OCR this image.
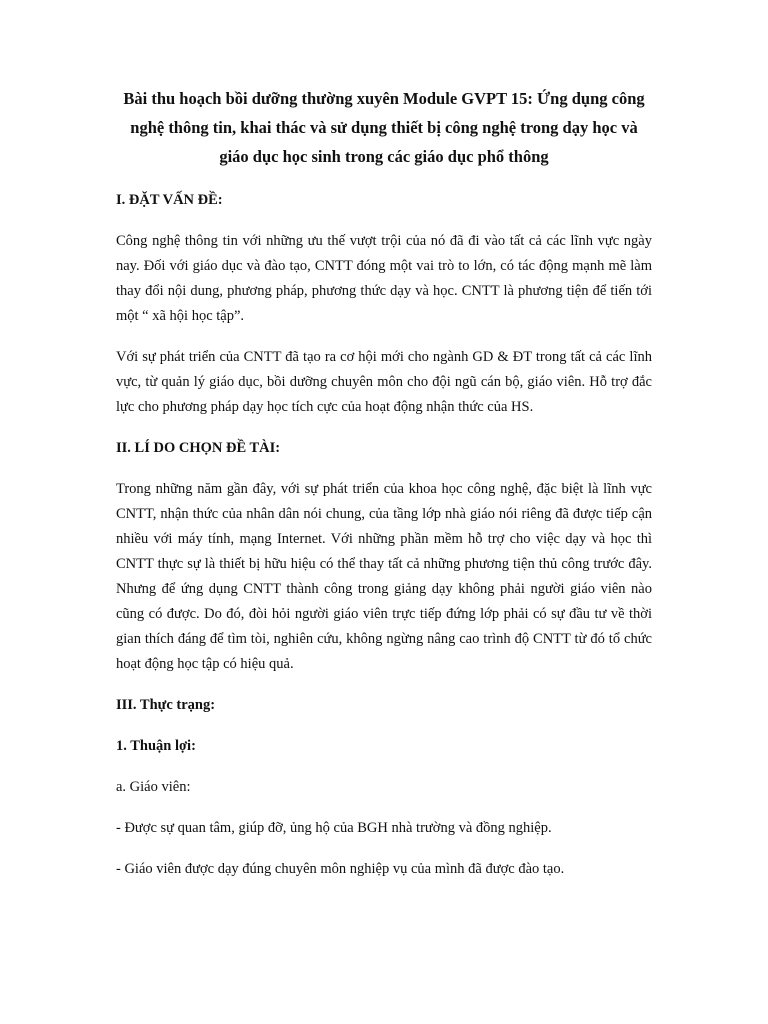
Bài thu hoạch bồi dưỡng thường xuyên Module GVPT 15: Ứng dụng công nghệ thông tin, khai thác và sử dụng thiết bị công nghệ trong dạy học và giáo dục học sinh trong các giáo dục phổ thông
I. ĐẶT VẤN ĐỀ:
Công nghệ thông tin với những ưu thế vượt trội của nó đã đi vào tất cả các lĩnh vực ngày nay. Đối với giáo dục và đào tạo, CNTT đóng một vai trò to lớn, có tác động mạnh mẽ làm thay đổi nội dung, phương pháp, phương thức dạy và học. CNTT là phương tiện để tiến tới một “ xã hội học tập”.
Với sự phát triển của CNTT đã tạo ra cơ hội mới cho ngành GD & ĐT trong tất cả các lĩnh vực, từ quản lý giáo dục, bồi dưỡng chuyên môn cho đội ngũ cán bộ, giáo viên. Hỗ trợ đắc lực cho phương pháp dạy học tích cực của hoạt động nhận thức của HS.
II. LÍ DO CHỌN ĐỀ TÀI:
Trong những năm gần đây, với sự phát triển của khoa học công nghệ, đặc biệt là lĩnh vực CNTT, nhận thức của nhân dân nói chung, của tầng lớp nhà giáo nói riêng đã được tiếp cận nhiều với máy tính, mạng Internet. Với những phần mềm hỗ trợ cho việc dạy và học thì CNTT thực sự là thiết bị hữu hiệu có thể thay tất cả những phương tiện thủ công trước đây. Nhưng để ứng dụng CNTT thành công trong giảng dạy không phải người giáo viên nào cũng có được. Do đó, đòi hỏi người giáo viên trực tiếp đứng lớp phải có sự đầu tư về thời gian thích đáng để tìm tòi, nghiên cứu, không ngừng nâng cao trình độ CNTT từ đó tổ chức hoạt động học tập có hiệu quả.
III. Thực trạng:
1. Thuận lợi:
a. Giáo viên:
- Được sự quan tâm, giúp đỡ, ủng hộ của BGH nhà trường và đồng nghiệp.
- Giáo viên được dạy đúng chuyên môn nghiệp vụ của mình đã được đào tạo.
